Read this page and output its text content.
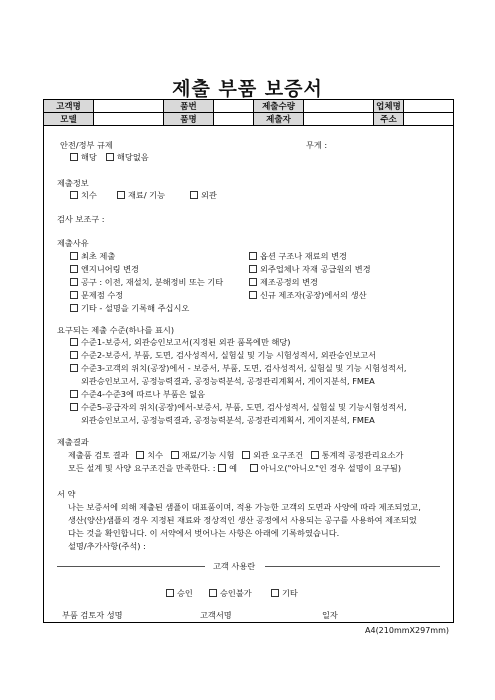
제출 부품 보증서
고객명		품번		제출수량		업체명	
모델		품명		제출자		주소	
안전/정부 규제	무게 :
해당	해당없음
제출정보
치수	재료/ 기능	외관
검사 보조구 :
제출사유
최초 제출
엔지니어링 변경
공구 : 이전, 재설치, 분해정비 또는 기타
문제점 수정
기타 - 설명을 기록해 주십시오
옵션 구조나 재료의 변경
외주업체나 자재 공급원의 변경
제조공정의 변경
신규 제조자(공장)에서의 생산
요구되는 제출 수준(하나를 표시)
수준1-보증서, 외관승인보고서(지정된 외관 품목에만 해당)
수준2-보증서, 부품, 도면, 검사성적서, 실험실 및 기능 시험성적서, 외관승인보고서
수준3-고객의 위치(공장)에서 - 보증서, 부품, 도면, 검사성적서, 실험실 및 기능 시험성적서,
외관승인보고서, 공정능력결과, 공정능력분석, 공정관리계획서, 게이지분석, FMEA
수준4-수준3에 따르나 부품은 없음
수준5-공급자의 위치(공장)에서-보증서, 부품, 도면, 검사성적서, 실험실 및 기능시험성적서,
외관승인보고서, 공정능력결과, 공정능력분석, 공정관리계획서, 게이지분석, FMEA
제출결과
제출품 검토 결과 치수 재료/기능 시험 외관 요구조건 통계적 공정관리요소가
모든 설계 및 사양 요구조건을 만족한다. : 예	아니오("아니오"인 경우 설명이 요구됨)
서 약
나는 보증서에 의해 제출된 샘플이 대표품이며, 적용 가능한 고객의 도면과 사양에 따라 제조되었고,
생산(양산)샘플의 경우 지정된 재료와 정상적인 생산 공정에서 사용되는 공구를 사용하여 제조되었
다는 것을 확인합니다. 이 서약에서 벗어나는 사항은 아래에 기록하였습니다.
설명/추가사항(주석) :
고객 사용란
승인	승인불가	기타
부품 검토자 성명	고객서명	일자
A4(210mmX297mm)
